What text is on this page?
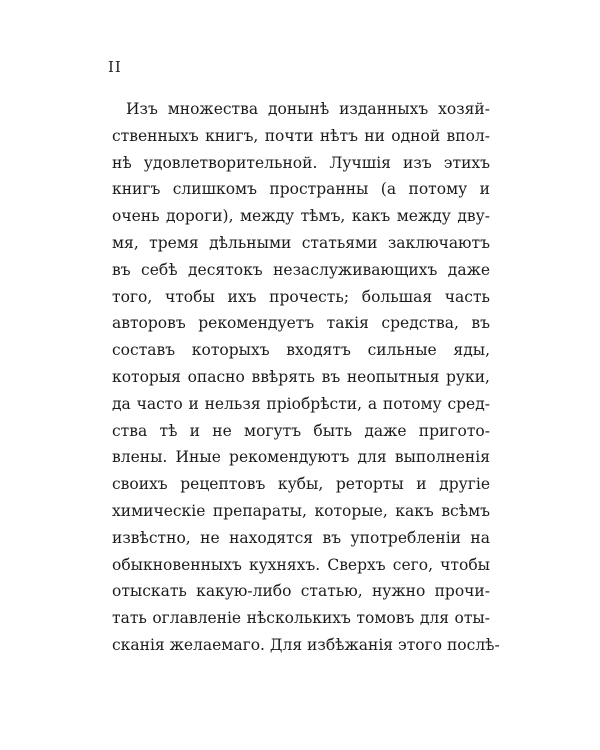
II
Изъ множества донынѣ изданныхъ хозяй-
ственныхъ книгъ, почти нѣтъ ни одной впол-
нѣ удовлетворительной. Лучшія изъ этихъ
книгъ слишкомъ пространны (а потому и
очень дороги), между тѣмъ, какъ между дву-
мя, тремя дѣльными статьями заключаютъ
въ себѣ десятокъ незаслуживающихъ даже
того, чтобы ихъ прочесть; большая часть
авторовъ рекомендуетъ такія средства, въ
составъ которыхъ входятъ сильные яды,
которыя опасно ввѣрять въ неопытныя руки,
да часто и нельзя пріобрѣсти, а потому сред-
ства тѣ и не могутъ быть даже пригото-
влены. Иные рекомендуютъ для выполненія
своихъ рецептовъ кубы, реторты и другіе
химическіе препараты, которые, какъ всѣмъ
извѣстно, не находятся въ употребленіи на
обыкновенныхъ кухняхъ. Сверхъ сего, чтобы
отыскать какую-либо статью, нужно прочи-
тать оглавленіе нѣсколькихъ томовъ для оты-
сканія желаемаго. Для избѣжанія этого послѣ-
